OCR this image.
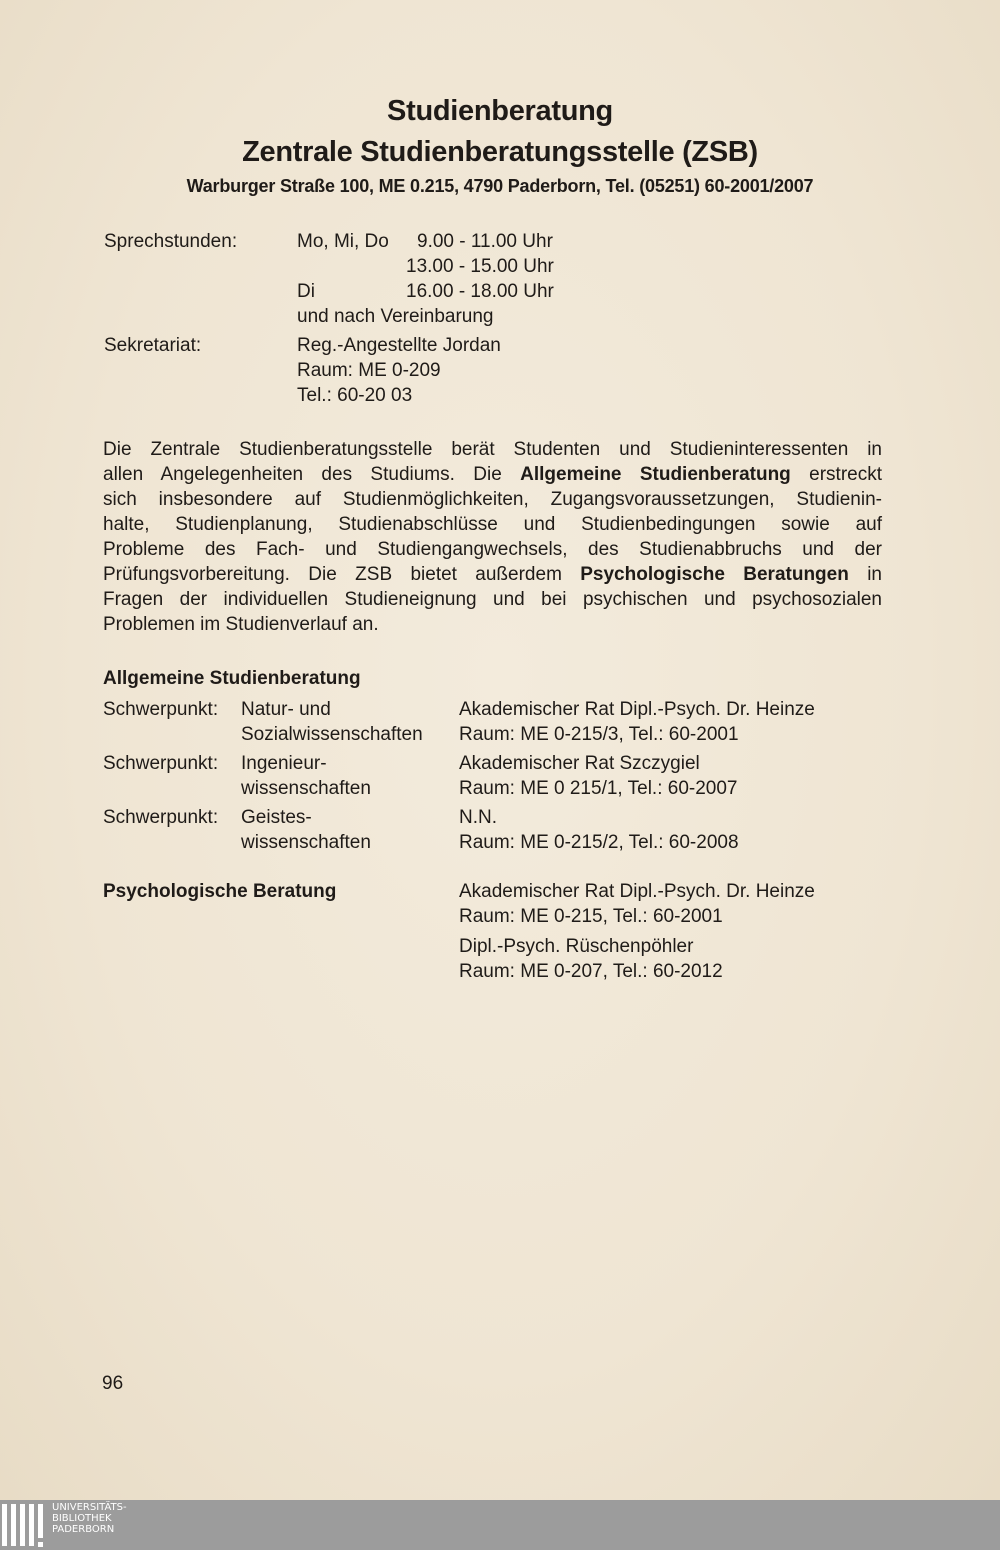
Studienberatung
Zentrale Studienberatungsstelle (ZSB)
Warburger Straße 100, ME 0.215, 4790 Paderborn, Tel. (05251) 60-2001/2007
Sprechstunden:	Mo, Mi, Do 9.00 - 11.00 Uhr
13.00 - 15.00 Uhr
Di	16.00 - 18.00 Uhr
und nach Vereinbarung
Sekretariat:	Reg.-Angestellte Jordan
Raum: ME 0-209
Tel.: 60-20 03
Die Zentrale Studienberatungsstelle berät Studenten und Studieninteressenten in
allen Angelegenheiten des Studiums. Die Allgemeine Studienberatung erstreckt
sich insbesondere auf Studienmöglichkeiten, Zugangsvoraussetzungen, Studienin-
halte, Studienplanung, Studienabschlüsse und Studienbedingungen sowie auf
Probleme des Fach- und Studiengangwechsels, des Studienabbruchs und der
Prüfungsvorbereitung. Die ZSB bietet außerdem Psychologische Beratungen in
Fragen der individuellen Studieneignung und bei psychischen und psychosozialen
Problemen im Studienverlauf an.
Allgemeine Studienberatung
Schwerpunkt: Natur- und
Sozialwissenschaften
Akademischer Rat Dipl.-Psych. Dr. Heinze
Raum: ME 0-215/3, Tel.: 60-2001
Schwerpunkt: Ingenieur-
wissenschaften
Akademischer Rat Szczygiel
Raum: ME 0 215/1, Tel.: 60-2007
Schwerpunkt: Geistes-
wissenschaften
N.N.
Raum: ME 0-215/2, Tel.: 60-2008
Psychologische Beratung	Akademischer Rat Dipl.-Psych. Dr. Heinze
Raum: ME 0-215, Tel.: 60-2001
Dipl.-Psych. Rüschenpöhler
Raum: ME 0-207, Tel.: 60-2012
96
UNIVERSITÄTS-
BIBLIOTHEK
PADERBORN
